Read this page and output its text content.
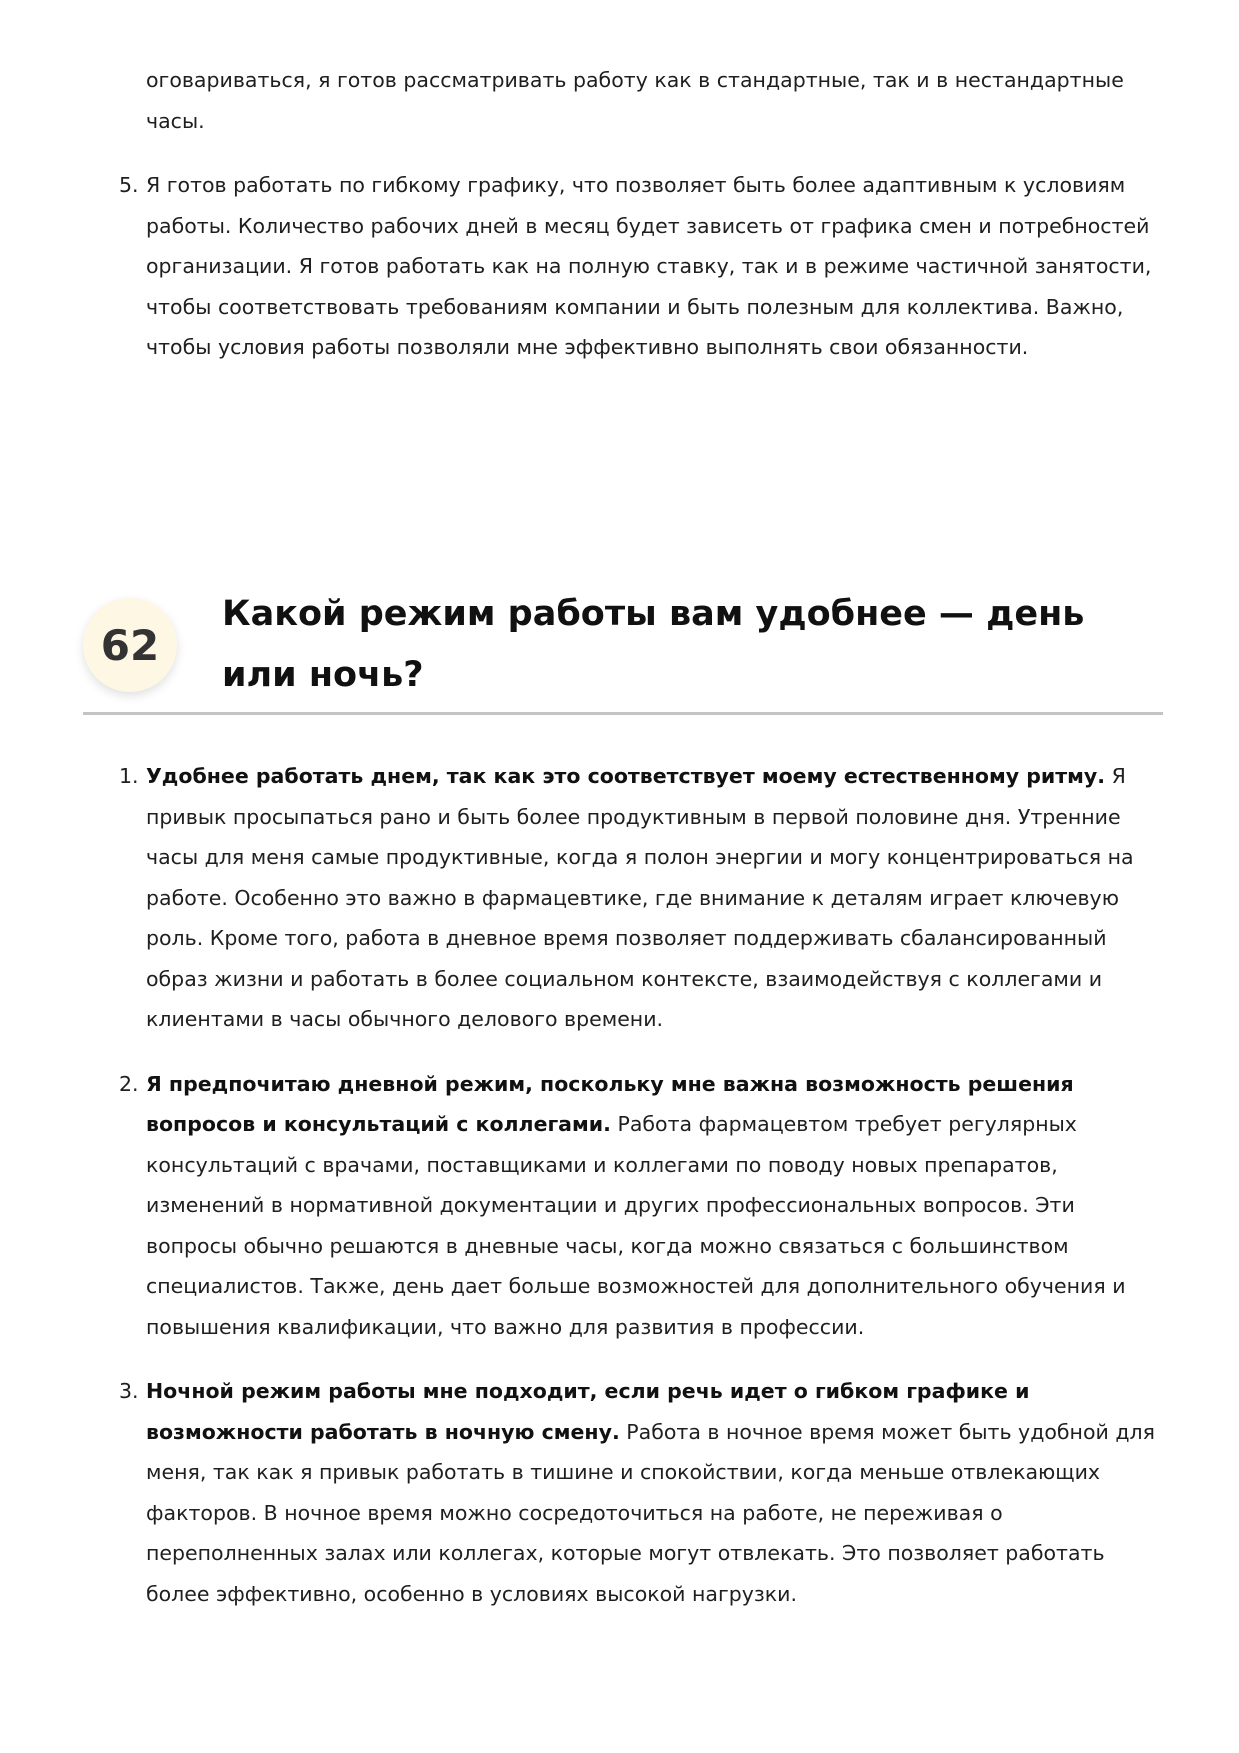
оговариваться, я готов рассматривать работу как в стандартные, так и в нестандартные часы.

5. Я готов работать по гибкому графику, что позволяет быть более адаптивным к условиям работы. Количество рабочих дней в месяц будет зависеть от графика смен и потребностей организации. Я готов работать как на полную ставку, так и в режиме частичной занятости, чтобы соответствовать требованиям компании и быть полезным для коллектива. Важно, чтобы условия работы позволяли мне эффективно выполнять свои обязанности.
62
Какой режим работы вам удобнее — день или ночь?
1. Удобнее работать днем, так как это соответствует моему естественному ритму. Я привык просыпаться рано и быть более продуктивным в первой половине дня. Утренние часы для меня самые продуктивные, когда я полон энергии и могу концентрироваться на работе. Особенно это важно в фармацевтике, где внимание к деталям играет ключевую роль. Кроме того, работа в дневное время позволяет поддерживать сбалансированный образ жизни и работать в более социальном контексте, взаимодействуя с коллегами и клиентами в часы обычного делового времени.
2. Я предпочитаю дневной режим, поскольку мне важна возможность решения вопросов и консультаций с коллегами. Работа фармацевтом требует регулярных консультаций с врачами, поставщиками и коллегами по поводу новых препаратов, изменений в нормативной документации и других профессиональных вопросов. Эти вопросы обычно решаются в дневные часы, когда можно связаться с большинством специалистов. Также, день дает больше возможностей для дополнительного обучения и повышения квалификации, что важно для развития в профессии.
3. Ночной режим работы мне подходит, если речь идет о гибком графике и возможности работать в ночную смену. Работа в ночное время может быть удобной для меня, так как я привык работать в тишине и спокойствии, когда меньше отвлекающих факторов. В ночное время можно сосредоточиться на работе, не переживая о переполненных залах или коллегах, которые могут отвлекать. Это позволяет работать более эффективно, особенно в условиях высокой нагрузки.
